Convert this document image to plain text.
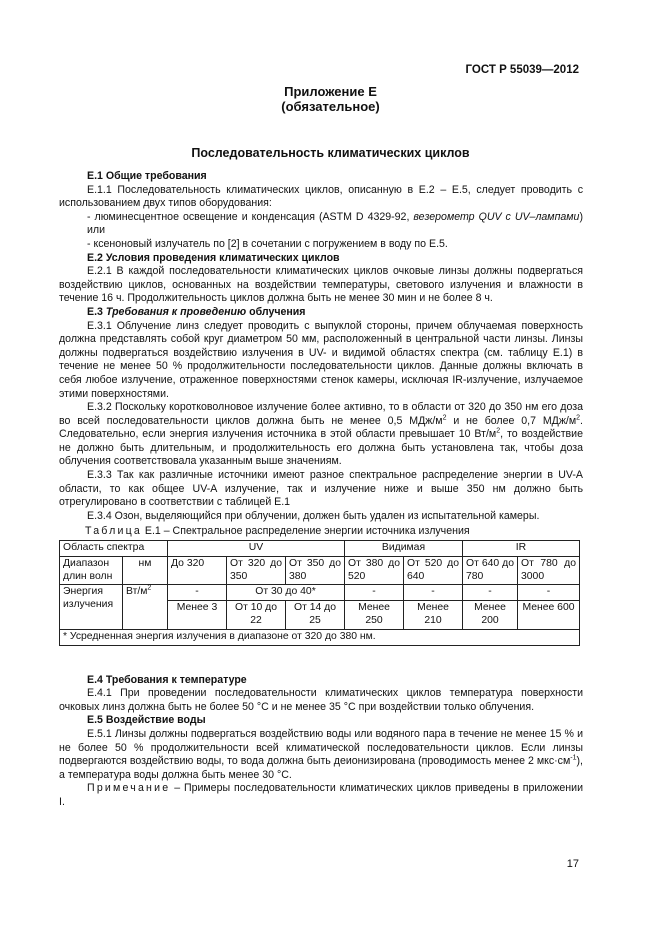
ГОСТ Р 55039—2012
Приложение Е
(обязательное)
Последовательность климатических циклов

Е.1 Общие требования

Е.1.1 Последовательность климатических циклов, описанную в Е.2 – Е.5, следует проводить с использованием двух типов оборудования:

- люминесцентное освещение и конденсация (ASTM D 4329-92, везерометр QUV с UV–лампами) или

- ксеноновый излучатель по [2] в сочетании с погружением в воду по Е.5.

Е.2 Условия проведения климатических циклов

Е.2.1 В каждой последовательности климатических циклов очковые линзы должны подвергаться воздействию циклов, основанных на воздействии температуры, светового излучения и влажности в течение 16 ч. Продолжительность циклов должна быть не менее 30 мин и не более 8 ч.

Е.3 Требования к проведению облучения

Е.3.1 Облучение линз следует проводить с выпуклой стороны, причем облучаемая поверхность должна представлять собой круг диаметром 50 мм, расположенный в центральной части линзы. Линзы должны подвергаться воздействию излучения в UV- и видимой областях спектра (см. таблицу Е.1) в течение не менее 50 % продолжительности последовательности циклов. Данные должны включать в себя любое излучение, отраженное поверхностями стенок камеры, исключая IR-излучение, излучаемое этими поверхностями.

Е.3.2 Поскольку коротковолновое излучение более активно, то в области от 320 до 350 нм его доза во всей последовательности циклов должна быть не менее 0,5 МДж/$м^2$ и не более 0,7 МДж/$м^2$. Следовательно, если энергия излучения источника в этой области превышает 10 $Вт/м^2$, то воздействие не должно быть длительным, и продолжительность его должна быть установлена так, чтобы доза облучения соответствовала указанным выше значениям.

Е.3.3 Так как различные источники имеют разное спектральное распределение энергии в UV-A области, то как общее UV-A излучение, так и излучение ниже и выше 350 нм должно быть отрегулировано в соответствии с таблицей Е.1

Е.3.4 Озон, выделяющийся при облучении, должен быть удален из испытательной камеры.

Таблица Е.1 – Спектральное распределение энергии источника излучения
Область спектра		UV			Видимая		IR	
Диапазон длин волн	нм	До 320	От 320 до 350	От 350 до 380	От 380 до 520	От 520 до 640	От 640 до 780	От 780 до 3000
Энергия излучения	$Вт/м^2$	-	От 30 до 40*		-	-	-	-
		Менее 3	От 10 до 22	От 14 до 25	Менее 250	Менее 210	Менее 200	Менее 600
* Усредненная энергия излучения в диапазоне от 320 до 380 нм.								

Е.4 Требования к температуре

Е.4.1 При проведении последовательности климатических циклов температура поверхности очковых линз должна быть не более 50 °С и не менее 35 °С при воздействии только облучения.

Е.5 Воздействие воды

Е.5.1 Линзы должны подвергаться воздействию воды или водяного пара в течение не менее 15 % и не более 50 % продолжительности всей климатической последовательности циклов. Если линзы подвергаются воздействию воды, то вода должна быть деионизирована (проводимость менее 2 $мкс\cdot см^{-1}$), а температура воды должна быть менее 30 °С.

Примечание – Примеры последовательности климатических циклов приведены в приложении I.

17
